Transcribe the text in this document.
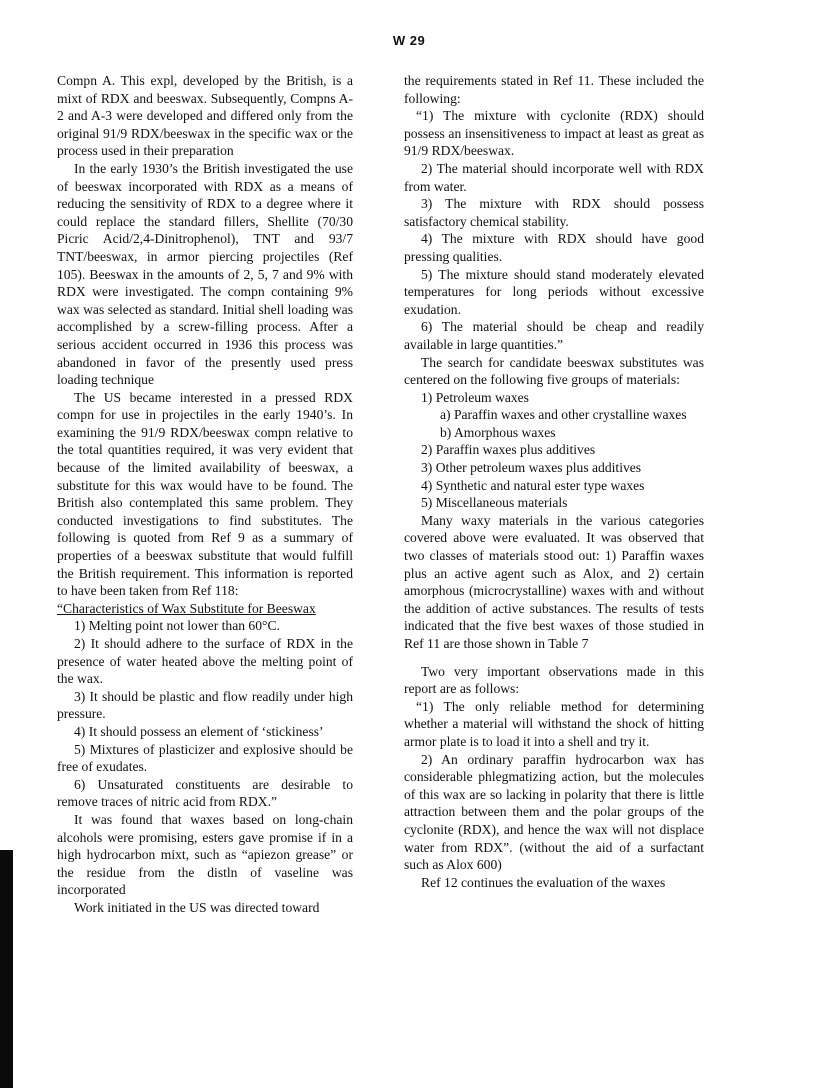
W 29

Compn A. This expl, developed by the British, is a mixt of RDX and beeswax. Subsequently, Compns A-2 and A-3 were developed and differed only from the original 91/9 RDX/beeswax in the specific wax or the process used in their preparation

In the early 1930’s the British investigated the use of beeswax incorporated with RDX as a means of reducing the sensitivity of RDX to a degree where it could replace the standard fillers, Shellite (70/30 Picric Acid/2,4-Dinitrophenol), TNT and 93/7 TNT/beeswax, in armor piercing projectiles (Ref 105). Beeswax in the amounts of 2, 5, 7 and 9% with RDX were investigated. The compn containing 9% wax was selected as standard. Initial shell loading was accomplished by a screw-filling process. After a serious accident occurred in 1936 this process was abandoned in favor of the presently used press loading technique

The US became interested in a pressed RDX compn for use in projectiles in the early 1940’s. In examining the 91/9 RDX/beeswax compn relative to the total quantities required, it was very evident that because of the limited availability of beeswax, a substitute for this wax would have to be found. The British also contemplated this same problem. They conducted investigations to find substitutes. The following is quoted from Ref 9 as a summary of properties of a beeswax substitute that would fulfill the British requirement. This information is reported to have been taken from Ref 118:

“Characteristics of Wax Substitute for Beeswax

1) Melting point not lower than 60°C.

2) It should adhere to the surface of RDX in the presence of water heated above the melting point of the wax.

3) It should be plastic and flow readily under high pressure.

4) It should possess an element of ‘stickiness’

5) Mixtures of plasticizer and explosive should be free of exudates.

6) Unsaturated constituents are desirable to remove traces of nitric acid from RDX.”

It was found that waxes based on long-chain alcohols were promising, esters gave promise if in a high hydrocarbon mixt, such as “apiezon grease” or the residue from the distln of vaseline was incorporated

Work initiated in the US was directed toward

the requirements stated in Ref 11. These included the following:

“1) The mixture with cyclonite (RDX) should possess an insensitiveness to impact at least as great as 91/9 RDX/beeswax.

2) The material should incorporate well with RDX from water.

3) The mixture with RDX should possess satisfactory chemical stability.

4) The mixture with RDX should have good pressing qualities.

5) The mixture should stand moderately elevated temperatures for long periods without excessive exudation.

6) The material should be cheap and readily available in large quantities.”

The search for candidate beeswax substitutes was centered on the following five groups of materials:

1) Petroleum waxes

a) Paraffin waxes and other crystalline waxes

b) Amorphous waxes

2) Paraffin waxes plus additives

3) Other petroleum waxes plus additives

4) Synthetic and natural ester type waxes

5) Miscellaneous materials

Many waxy materials in the various categories covered above were evaluated. It was observed that two classes of materials stood out: 1) Paraffin waxes plus an active agent such as Alox, and 2) certain amorphous (microcrystalline) waxes with and without the addition of active substances. The results of tests indicated that the five best waxes of those studied in Ref 11 are those shown in Table 7

Two very important observations made in this report are as follows:

“1) The only reliable method for determining whether a material will withstand the shock of hitting armor plate is to load it into a shell and try it.

2) An ordinary paraffin hydrocarbon wax has considerable phlegmatizing action, but the molecules of this wax are so lacking in polarity that there is little attraction between them and the polar groups of the cyclonite (RDX), and hence the wax will not displace water from RDX”. (without the aid of a surfactant such as Alox 600)

Ref 12 continues the evaluation of the waxes
